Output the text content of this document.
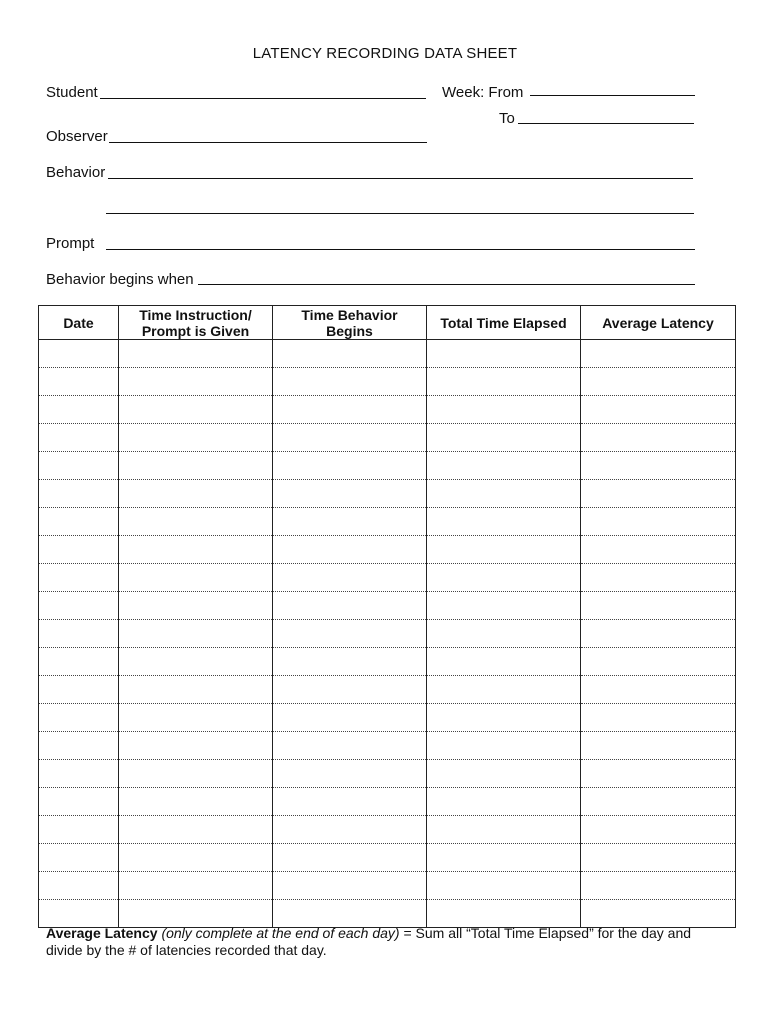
LATENCY RECORDING DATA SHEET
Student	Week: From
To
Observer
Behavior
Prompt
Behavior begins when
Date	Time Instruction/ Prompt is Given	Time Behavior Begins	Total Time Elapsed	Average Latency

Average Latency (only complete at the end of each day) = Sum all “Total Time Elapsed” for the day and divide by the # of latencies recorded that day.
